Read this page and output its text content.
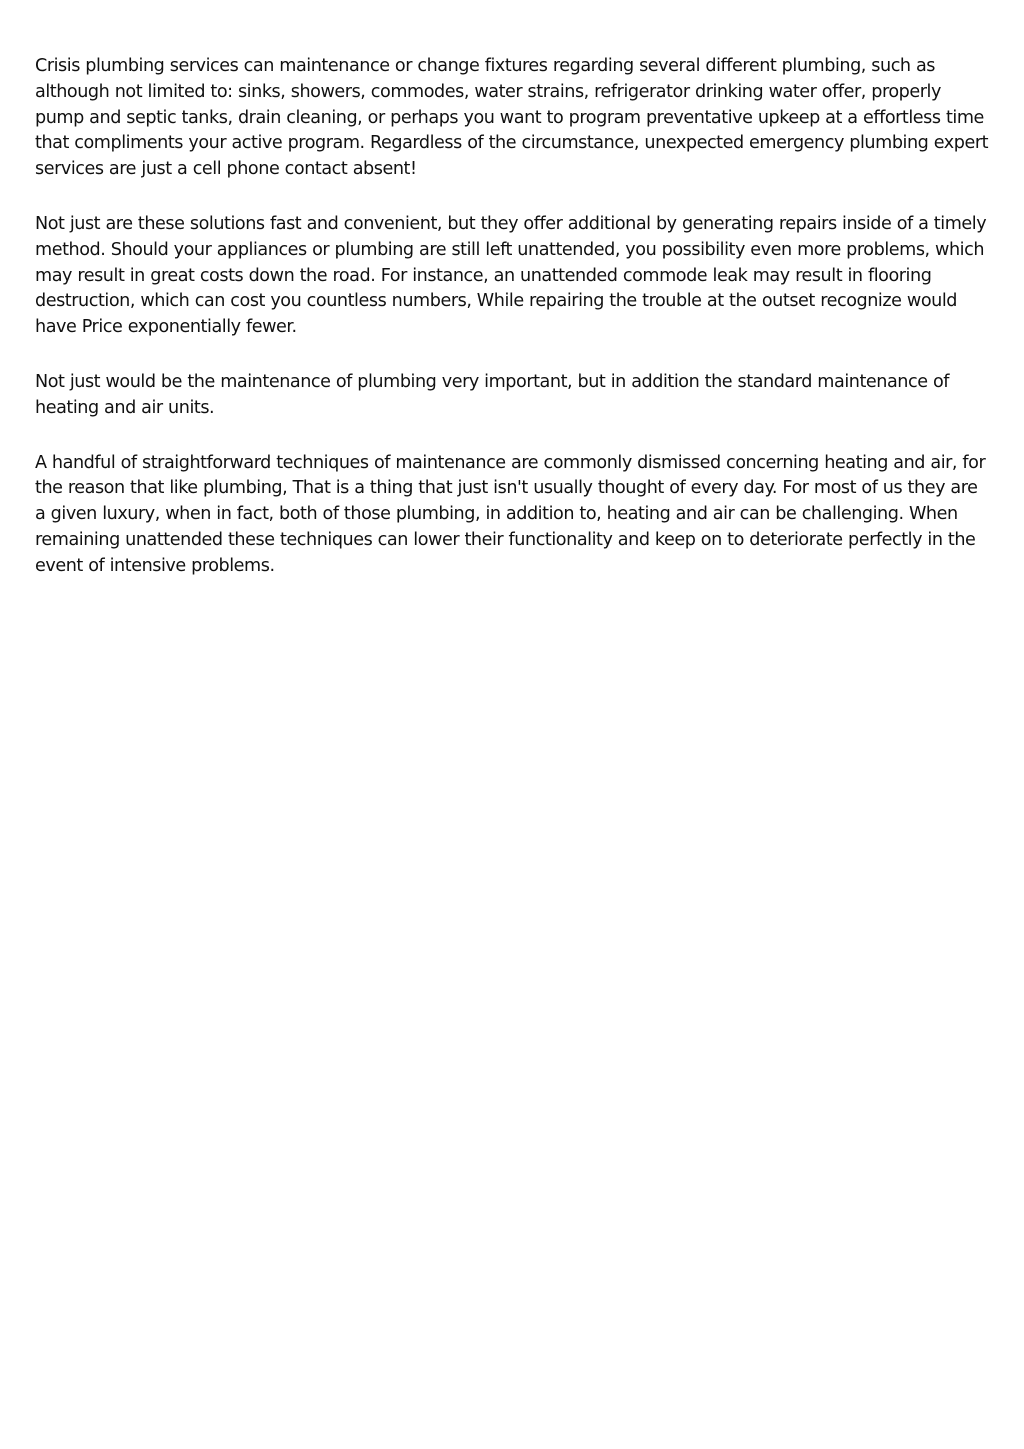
Crisis plumbing services can maintenance or change fixtures regarding several different plumbing, such as although not limited to: sinks, showers, commodes, water strains, refrigerator drinking water offer, properly pump and septic tanks, drain cleaning, or perhaps you want to program preventative upkeep at a effortless time that compliments your active program. Regardless of the circumstance, unexpected emergency plumbing expert services are just a cell phone contact absent!

Not just are these solutions fast and convenient, but they offer additional by generating repairs inside of a timely method. Should your appliances or plumbing are still left unattended, you possibility even more problems, which may result in great costs down the road. For instance, an unattended commode leak may result in flooring destruction, which can cost you countless numbers, While repairing the trouble at the outset recognize would have Price exponentially fewer.

Not just would be the maintenance of plumbing very important, but in addition the standard maintenance of heating and air units.

A handful of straightforward techniques of maintenance are commonly dismissed concerning heating and air, for the reason that like plumbing, That is a thing that just isn't usually thought of every day. For most of us they are a given luxury, when in fact, both of those plumbing, in addition to, heating and air can be challenging. When remaining unattended these techniques can lower their functionality and keep on to deteriorate perfectly in the event of intensive problems.
